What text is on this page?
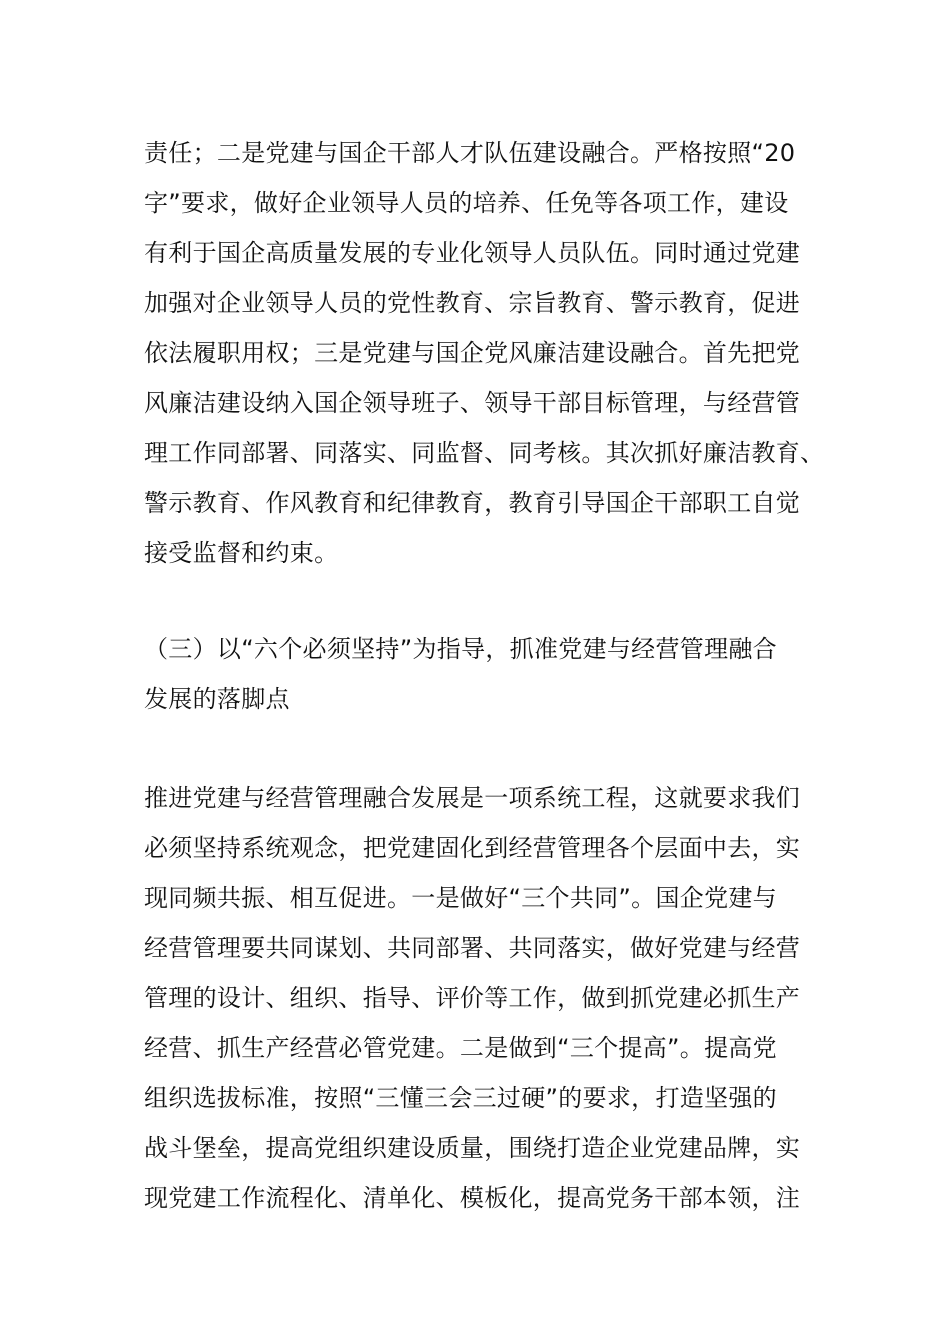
责任；二是党建与国企干部人才队伍建设融合。严格按照“20
字”要求，做好企业领导人员的培养、任免等各项工作，建设
有利于国企高质量发展的专业化领导人员队伍。同时通过党建
加强对企业领导人员的党性教育、宗旨教育、警示教育，促进
依法履职用权；三是党建与国企党风廉洁建设融合。首先把党
风廉洁建设纳入国企领导班子、领导干部目标管理，与经营管
理工作同部署、同落实、同监督、同考核。其次抓好廉洁教育、
警示教育、作风教育和纪律教育，教育引导国企干部职工自觉
接受监督和约束。
（三）以“六个必须坚持”为指导，抓准党建与经营管理融合
发展的落脚点
推进党建与经营管理融合发展是一项系统工程，这就要求我们
必须坚持系统观念，把党建固化到经营管理各个层面中去，实
现同频共振、相互促进。一是做好“三个共同”。国企党建与
经营管理要共同谋划、共同部署、共同落实，做好党建与经营
管理的设计、组织、指导、评价等工作，做到抓党建必抓生产
经营、抓生产经营必管党建。二是做到“三个提高”。提高党
组织选拔标准，按照“三懂三会三过硬”的要求，打造坚强的
战斗堡垒，提高党组织建设质量，围绕打造企业党建品牌，实
现党建工作流程化、清单化、模板化，提高党务干部本领，注
